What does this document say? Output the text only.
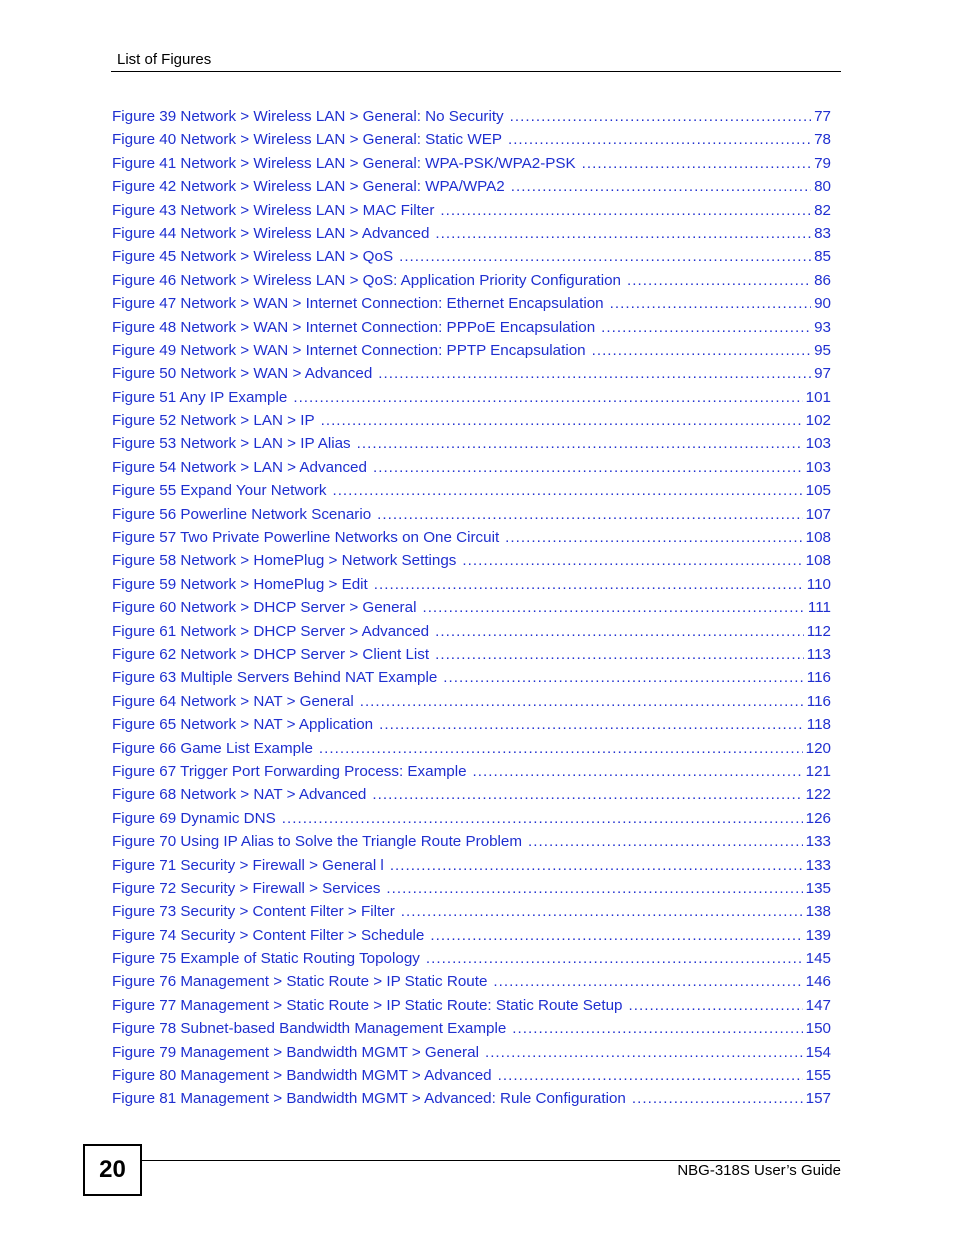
List of Figures
Figure 39 Network > Wireless LAN > General: No Security . . .	77
Figure 40 Network > Wireless LAN > General: Static WEP . . .	78
Figure 41 Network > Wireless LAN > General: WPA-PSK/WPA2-PSK . . .	79
Figure 42 Network > Wireless LAN > General: WPA/WPA2 . . .	80
Figure 43 Network > Wireless LAN > MAC Filter . . .	82
Figure 44 Network > Wireless LAN > Advanced . . .	83
Figure 45 Network > Wireless LAN > QoS . . .	85
Figure 46 Network > Wireless LAN > QoS: Application Priority Configuration . . .	86
Figure 47 Network > WAN > Internet Connection: Ethernet Encapsulation . . .	90
Figure 48 Network > WAN > Internet Connection: PPPoE Encapsulation . . .	93
Figure 49 Network > WAN > Internet Connection: PPTP Encapsulation . . .	95
Figure 50 Network > WAN > Advanced . . .	97
Figure 51 Any IP Example . . .	101
Figure 52 Network > LAN > IP . . .	102
Figure 53 Network > LAN > IP Alias . . .	103
Figure 54 Network > LAN > Advanced . . .	103
Figure 55 Expand Your Network . . .	105
Figure 56 Powerline Network Scenario . . .	107
Figure 57 Two Private Powerline Networks on One Circuit . . .	108
Figure 58 Network > HomePlug > Network Settings . . .	108
Figure 59 Network > HomePlug > Edit . . .	110
Figure 60 Network > DHCP Server > General . . .	111
Figure 61 Network > DHCP Server > Advanced . . .	112
Figure 62 Network > DHCP Server > Client List . . .	113
Figure 63 Multiple Servers Behind NAT Example . . .	116
Figure 64 Network > NAT > General . . .	116
Figure 65 Network > NAT > Application . . .	118
Figure 66 Game List Example . . .	120
Figure 67 Trigger Port Forwarding Process: Example . . .	121
Figure 68 Network > NAT > Advanced . . .	122
Figure 69 Dynamic DNS . . .	126
Figure 70 Using IP Alias to Solve the Triangle Route Problem . . .	133
Figure 71 Security > Firewall > General l . . .	133
Figure 72 Security > Firewall > Services . . .	135
Figure 73 Security > Content Filter > Filter . . .	138
Figure 74 Security > Content Filter > Schedule . . .	139
Figure 75 Example of Static Routing Topology . . .	145
Figure 76 Management > Static Route > IP Static Route . . .	146
Figure 77 Management > Static Route > IP Static Route: Static Route Setup . . .	147
Figure 78 Subnet-based Bandwidth Management Example . . .	150
Figure 79 Management > Bandwidth MGMT > General . . .	154
Figure 80 Management > Bandwidth MGMT > Advanced . . .	155
Figure 81 Management > Bandwidth MGMT > Advanced: Rule Configuration . . .	157
20	NBG-318S User’s Guide
